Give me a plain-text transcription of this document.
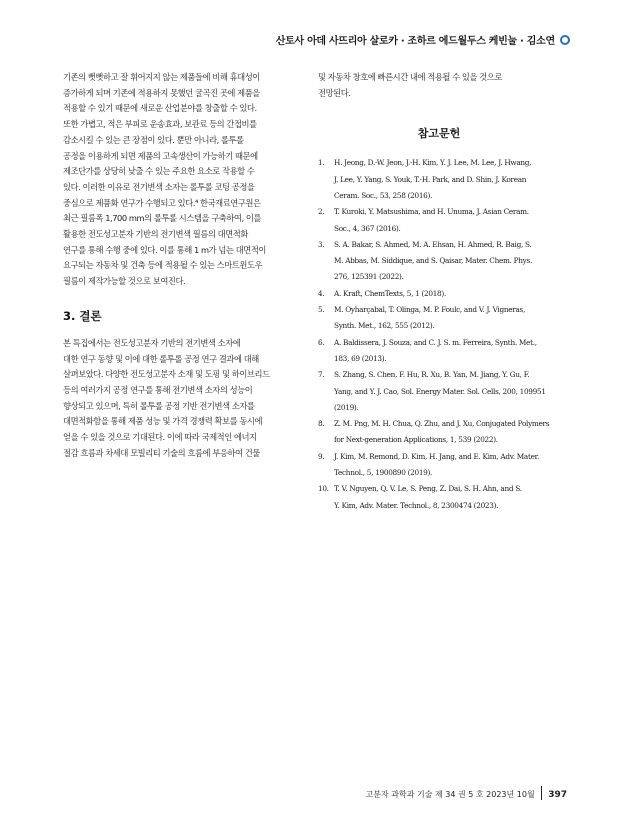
산토사 아데 사뜨리아 살로카 · 조하르 에드월두스 케빈눌 · 김소연

기존의 뻣뻣하고 잘 휘어지지 않는 제품들에 비해 휴대성이

증가하게 되며 기존에 적용하지 못했던 굴곡진 곳에 제품을

적용할 수 있기 때문에 새로운 산업분야를 창출할 수 있다.

또한 가볍고, 적은 부피로 운송효과, 보관료 등의 간접비를

감소시킬 수 있는 큰 장점이 있다. 뿐만 아니라, 롤투롤

공정을 이용하게 되면 제품의 고속생산이 가능하기 때문에

제조단가를 상당히 낮출 수 있는 주요한 요소로 작용할 수

있다. 이러한 이유로 전기변색 소자는 롤투롤 코팅 공정을

중심으로 제품화 연구가 수행되고 있다.⁴ 한국재료연구원은

최근 필름폭 1,700 mm의 롤투롤 시스템을 구축하여, 이를

활용한 전도성고분자 기반의 전기변색 필름의 대면적화

연구를 통해 수행 중에 있다. 이를 통해 1 m가 넘는 대면적이

요구되는 자동차 및 건축 등에 적용될 수 있는 스마트윈도우

필름이 제작가능할 것으로 보여진다.

3. 결론

본 특집에서는 전도성고분자 기반의 전기변색 소자에

대한 연구 동향 및 이에 대한 롤투롤 공정 연구 결과에 대해

살펴보았다. 다양한 전도성고분자 소재 및 도핑 및 하이브리드

등의 여러가지 공정 연구를 통해 전기변색 소자의 성능이

향상되고 있으며, 특히 롤투롤 공정 기반 전기변색 소자를

대면적화함을 통해 제품 성능 및 가격 경쟁력 확보를 동시에

얻을 수 있을 것으로 기대된다. 이에 따라 국제적인 에너지

절감 흐름과 차세대 모빌리티 기술의 흐름에 부응하여 건물

및 자동차 창호에 빠른시간 내에 적용될 수 있을 것으로

전망된다.

참고문헌
1. H. Jeong, D.-W. Jeon, J.-H. Kim, Y. J. Lee, M. Lee, J. Hwang,
J. Lee, Y. Yang, S. Youk, T.-H. Park, and D. Shin, J. Korean
Ceram. Soc., 53, 258 (2016).
2. T. Kuroki, Y. Matsushima, and H. Unuma, J. Asian Ceram.
Soc., 4, 367 (2016).
3. S. A. Bakar, S. Ahmed, M. A. Ehsan, H. Ahmed, R. Baig, S.
M. Abbas, M. Siddique, and S. Qaisar, Mater. Chem. Phys.
276, 125391 (2022).
4. A. Kraft, ChemTexts, 5, 1 (2018).
5. M. Oyharçabal, T. Olinga, M. P. Foulc, and V. J. Vigneras,
Synth. Met., 162, 555 (2012).
6. A. Baldissera, J. Souza, and C. J. S. m. Ferreira, Synth. Met.,
183, 69 (2013).
7. S. Zhang, S. Chen, F. Hu, R. Xu, B. Yan, M. Jiang, Y. Gu, F.
Yang, and Y. J. Cao, Sol. Energy Mater. Sol. Cells, 200, 109951
(2019).
8. Z. M. Png, M. H. Chua, Q. Zhu, and J. Xu, Conjugated Polymers
for Next-generation Applications, 1, 539 (2022).
9. J. Kim, M. Remond, D. Kim, H. Jang, and E. Kim, Adv. Mater.
Technol., 5, 1900890 (2019).
10. T. V. Nguyen, Q. V. Le, S. Peng, Z. Dai, S. H. Ahn, and S.
Y. Kim, Adv. Mater. Technol., 8, 2300474 (2023).
고분자 과학과 기술 제 34 권 5 호 2023년 10월 397
